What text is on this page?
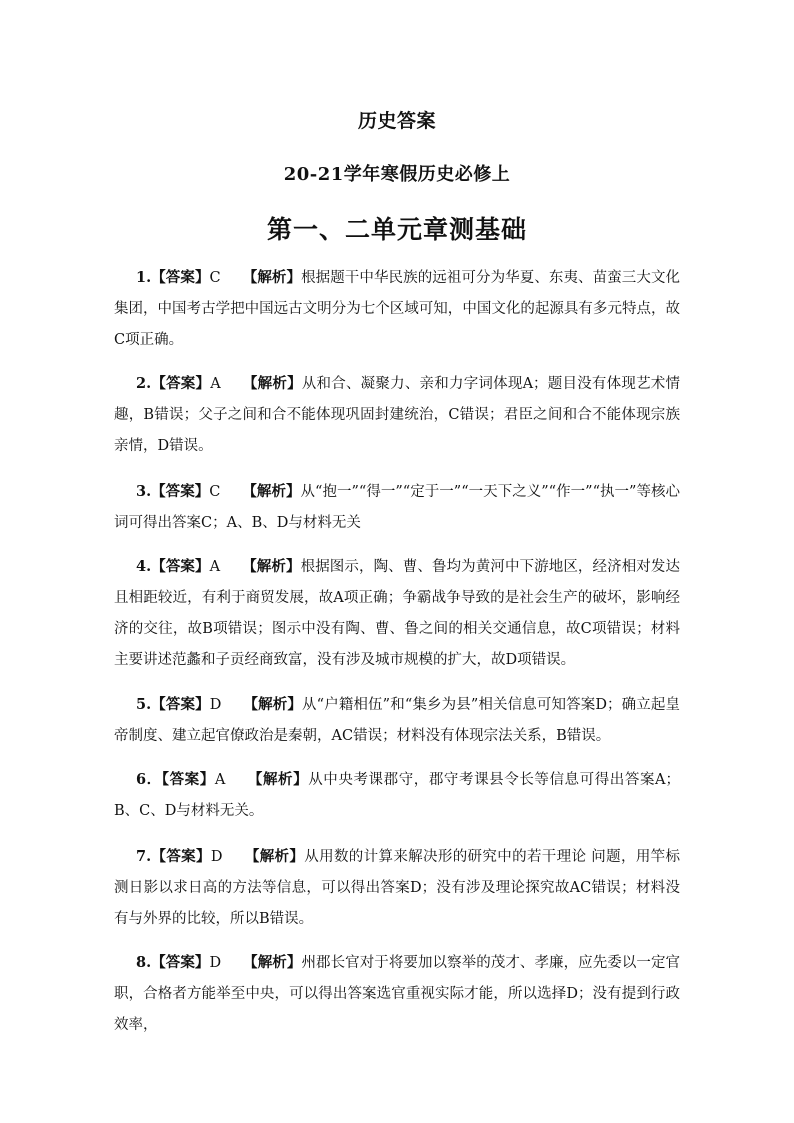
历史答案
20-21学年寒假历史必修上
第一、二单元章测基础
1.【答案】C 【解析】根据题干中华民族的远祖可分为华夏、东夷、苗蛮三大文化集团，中国考古学把中国远古文明分为七个区域可知，中国文化的起源具有多元特点，故C项正确。
2.【答案】A 【解析】从和合、凝聚力、亲和力字词体现A；题目没有体现艺术情趣，B错误；父子之间和合不能体现巩固封建统治，C错误；君臣之间和合不能体现宗族亲情，D错误。
3.【答案】C 【解析】从“抱一”“得一”“定于一”“一天下之义”“作一”“执一”等核心词可得出答案C；A、B、D与材料无关
4.【答案】A 【解析】根据图示，陶、曹、鲁均为黄河中下游地区，经济相对发达且相距较近，有利于商贸发展，故A项正确；争霸战争导致的是社会生产的破坏，影响经济的交往，故B项错误；图示中没有陶、曹、鲁之间的相关交通信息，故C项错误；材料主要讲述范蠡和子贡经商致富，没有涉及城市规模的扩大，故D项错误。
5.【答案】D 【解析】从“户籍相伍”和“集乡为县”相关信息可知答案D；确立起皇帝制度、建立起官僚政治是秦朝，AC错误；材料没有体现宗法关系，B错误。
6．【答案】A 【解析】从中央考课郡守，郡守考课县令长等信息可得出答案A；B、C、D与材料无关。
7.【答案】D 【解析】从用数的计算来解决形的研究中的若干理论 问题，用竿标测日影以求日高的方法等信息，可以得出答案D；没有涉及理论探究故AC错误；材料没有与外界的比较，所以B错误。
8.【答案】D 【解析】州郡长官对于将要加以察举的茂才、孝廉，应先委以一定官职，合格者方能举至中央，可以得出答案选官重视实际才能，所以选择D；没有提到行政效率，
